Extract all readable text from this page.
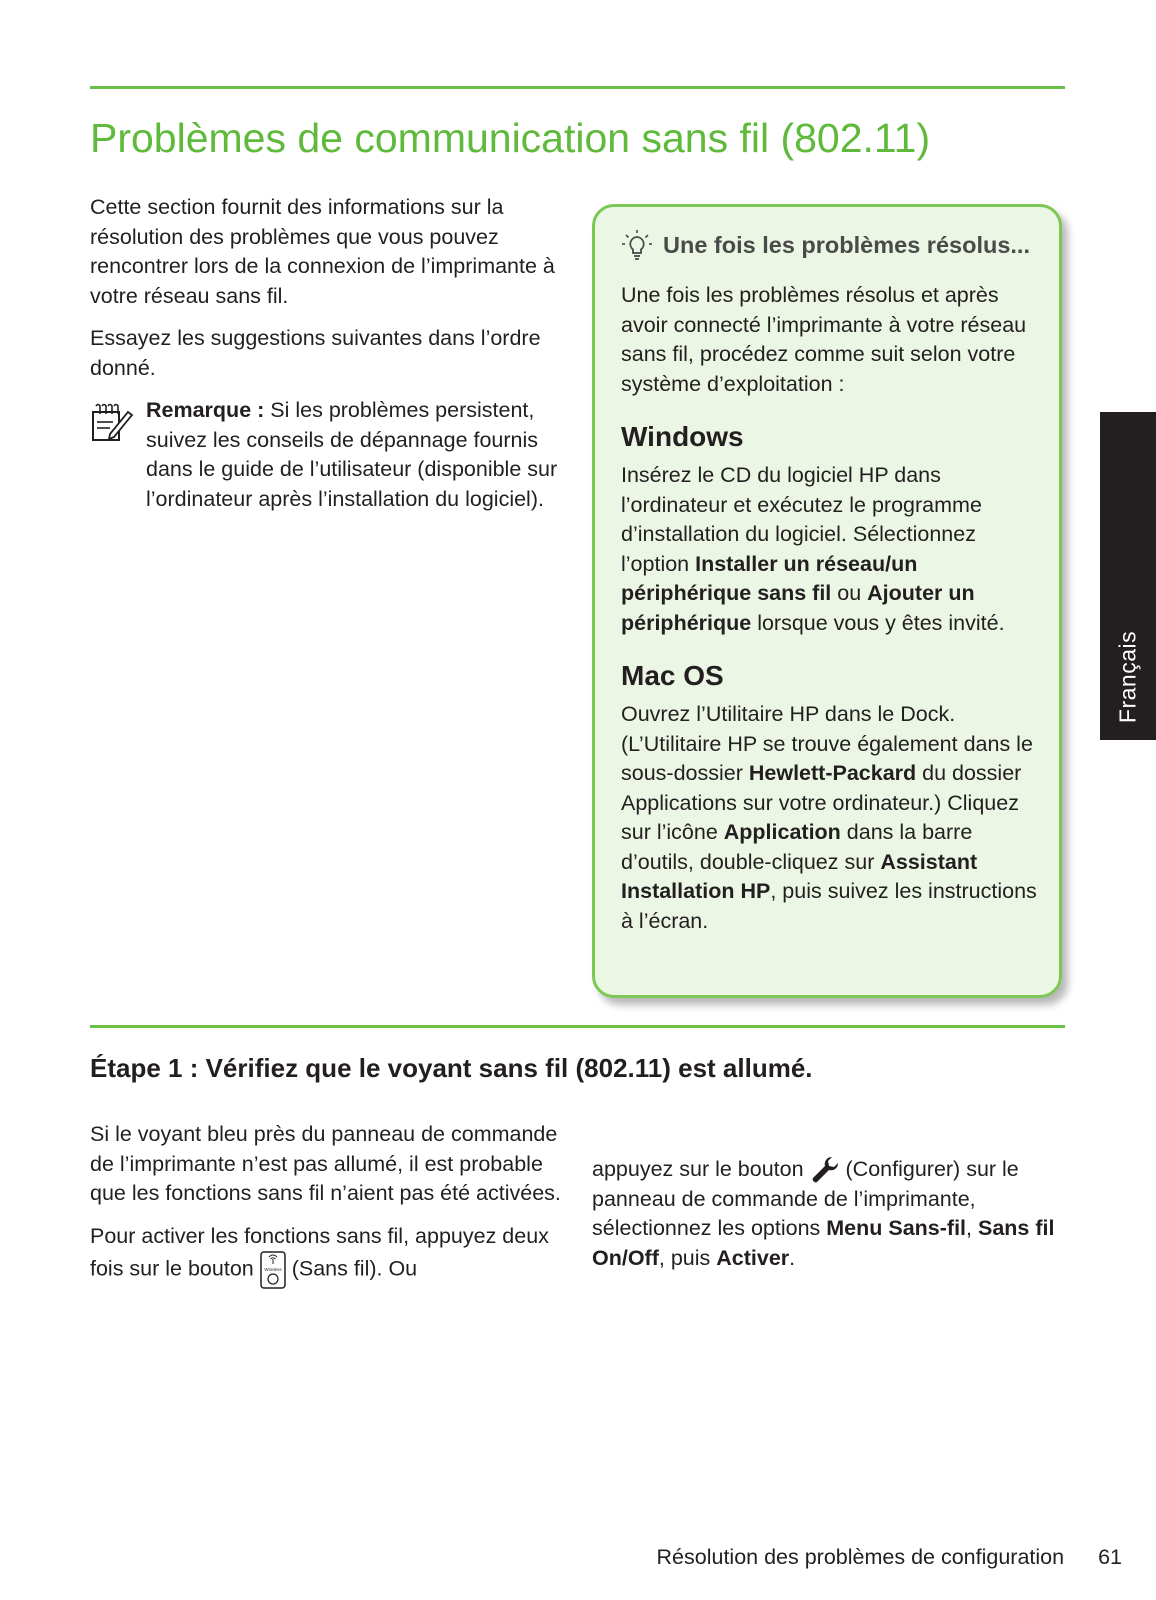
Problèmes de communication sans fil (802.11)

Cette section fournit des informations sur la résolution des problèmes que vous pouvez rencontrer lors de la connexion de l’imprimante à votre réseau sans fil.

Essayez les suggestions suivantes dans l’ordre donné.

Remarque : Si les problèmes persistent, suivez les conseils de dépannage fournis dans le guide de l’utilisateur (disponible sur l’ordinateur après l’installation du logiciel).

Une fois les problèmes résolus...

Une fois les problèmes résolus et après avoir connecté l’imprimante à votre réseau sans fil, procédez comme suit selon votre système d’exploitation :

Windows

Insérez le CD du logiciel HP dans l’ordinateur et exécutez le programme d’installation du logiciel. Sélectionnez l’option Installer un réseau/un périphérique sans fil ou Ajouter un périphérique lorsque vous y êtes invité.

Mac OS

Ouvrez l’Utilitaire HP dans le Dock. (L’Utilitaire HP se trouve également dans le sous-dossier Hewlett-Packard du dossier Applications sur votre ordinateur.) Cliquez sur l’icône Application dans la barre d’outils, double-cliquez sur Assistant Installation HP, puis suivez les instructions à l’écran.

Étape 1 : Vérifiez que le voyant sans fil (802.11) est allumé.

Si le voyant bleu près du panneau de commande de l’imprimante n’est pas allumé, il est probable que les fonctions sans fil n’aient pas été activées.

Pour activer les fonctions sans fil, appuyez deux fois sur le bouton Wireless (Sans fil). Ou

appuyez sur le bouton  (Configurer) sur le panneau de commande de l’imprimante, sélectionnez les options Menu Sans-fil, Sans fil On/Off, puis Activer.

Français
Résolution des problèmes de configuration 61
